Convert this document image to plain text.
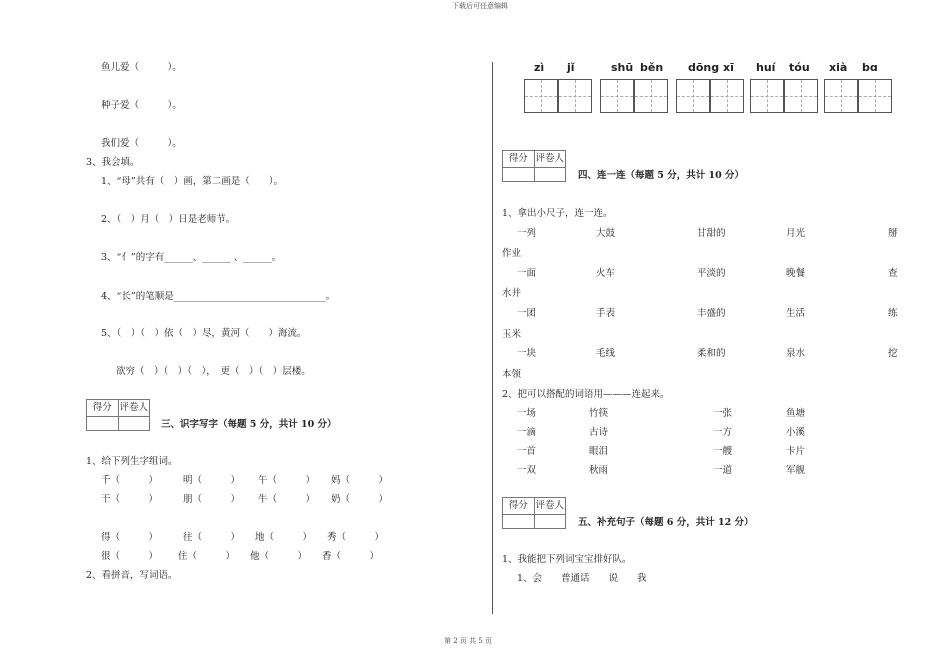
下载后可任意编辑
第 2 页 共 5 页
鱼儿爱（　　　）。
种子爱（　　　）。
我们爱（　　　）。
3、我会填。
1、“母”共有（　）画，第二画是（　　）。
2、（　）月（　）日是老师节。
3、“亻”的字有______、______ 、______。
4、“长”的笔顺是________________________________。
5、（　）（　）依（　）尽，黄河（　　）海流。
欲穷（　）（　）（　），　更（　）（　）层楼。
得分 评卷人
三、识字写字（每题 5 分，共计 10 分）
1、给下列生字组词。
千（　　　）	明（　　　） 午（　　　） 妈（　　　）
干（　　　）	朋（　　　） 牛（　　　） 奶（　　　）
得（　　　）	往（　　　） 地（　　　） 秀（　　　）
很（　　　） 住（　　　） 他（　　　） 香（　　　）
2、看拼音，写词语。
zì jǐ	shū běn dōng xī huí tóu xià bɑ
得分 评卷人
四、连一连（每题 5 分，共计 10 分）
1、拿出小尺子，连一连。
一列	大鼓	甘甜的	月光	掰
作业
一面	火车	平淡的	晚餐	查
水井
一团	手表	丰盛的	生活	练
玉米
一块	毛线	柔和的	泉水	挖
本领
2、把可以搭配的词语用———连起来。
一场	竹筷	一张	鱼塘
一滴	古诗	一方	小溪
一首	眼泪	一艘	卡片
一双	秋雨	一道	军舰
得分 评卷人
五、补充句子（每题 6 分，共计 12 分）
1、我能把下列词宝宝排好队。
1、会　　普通话　　说　　我
